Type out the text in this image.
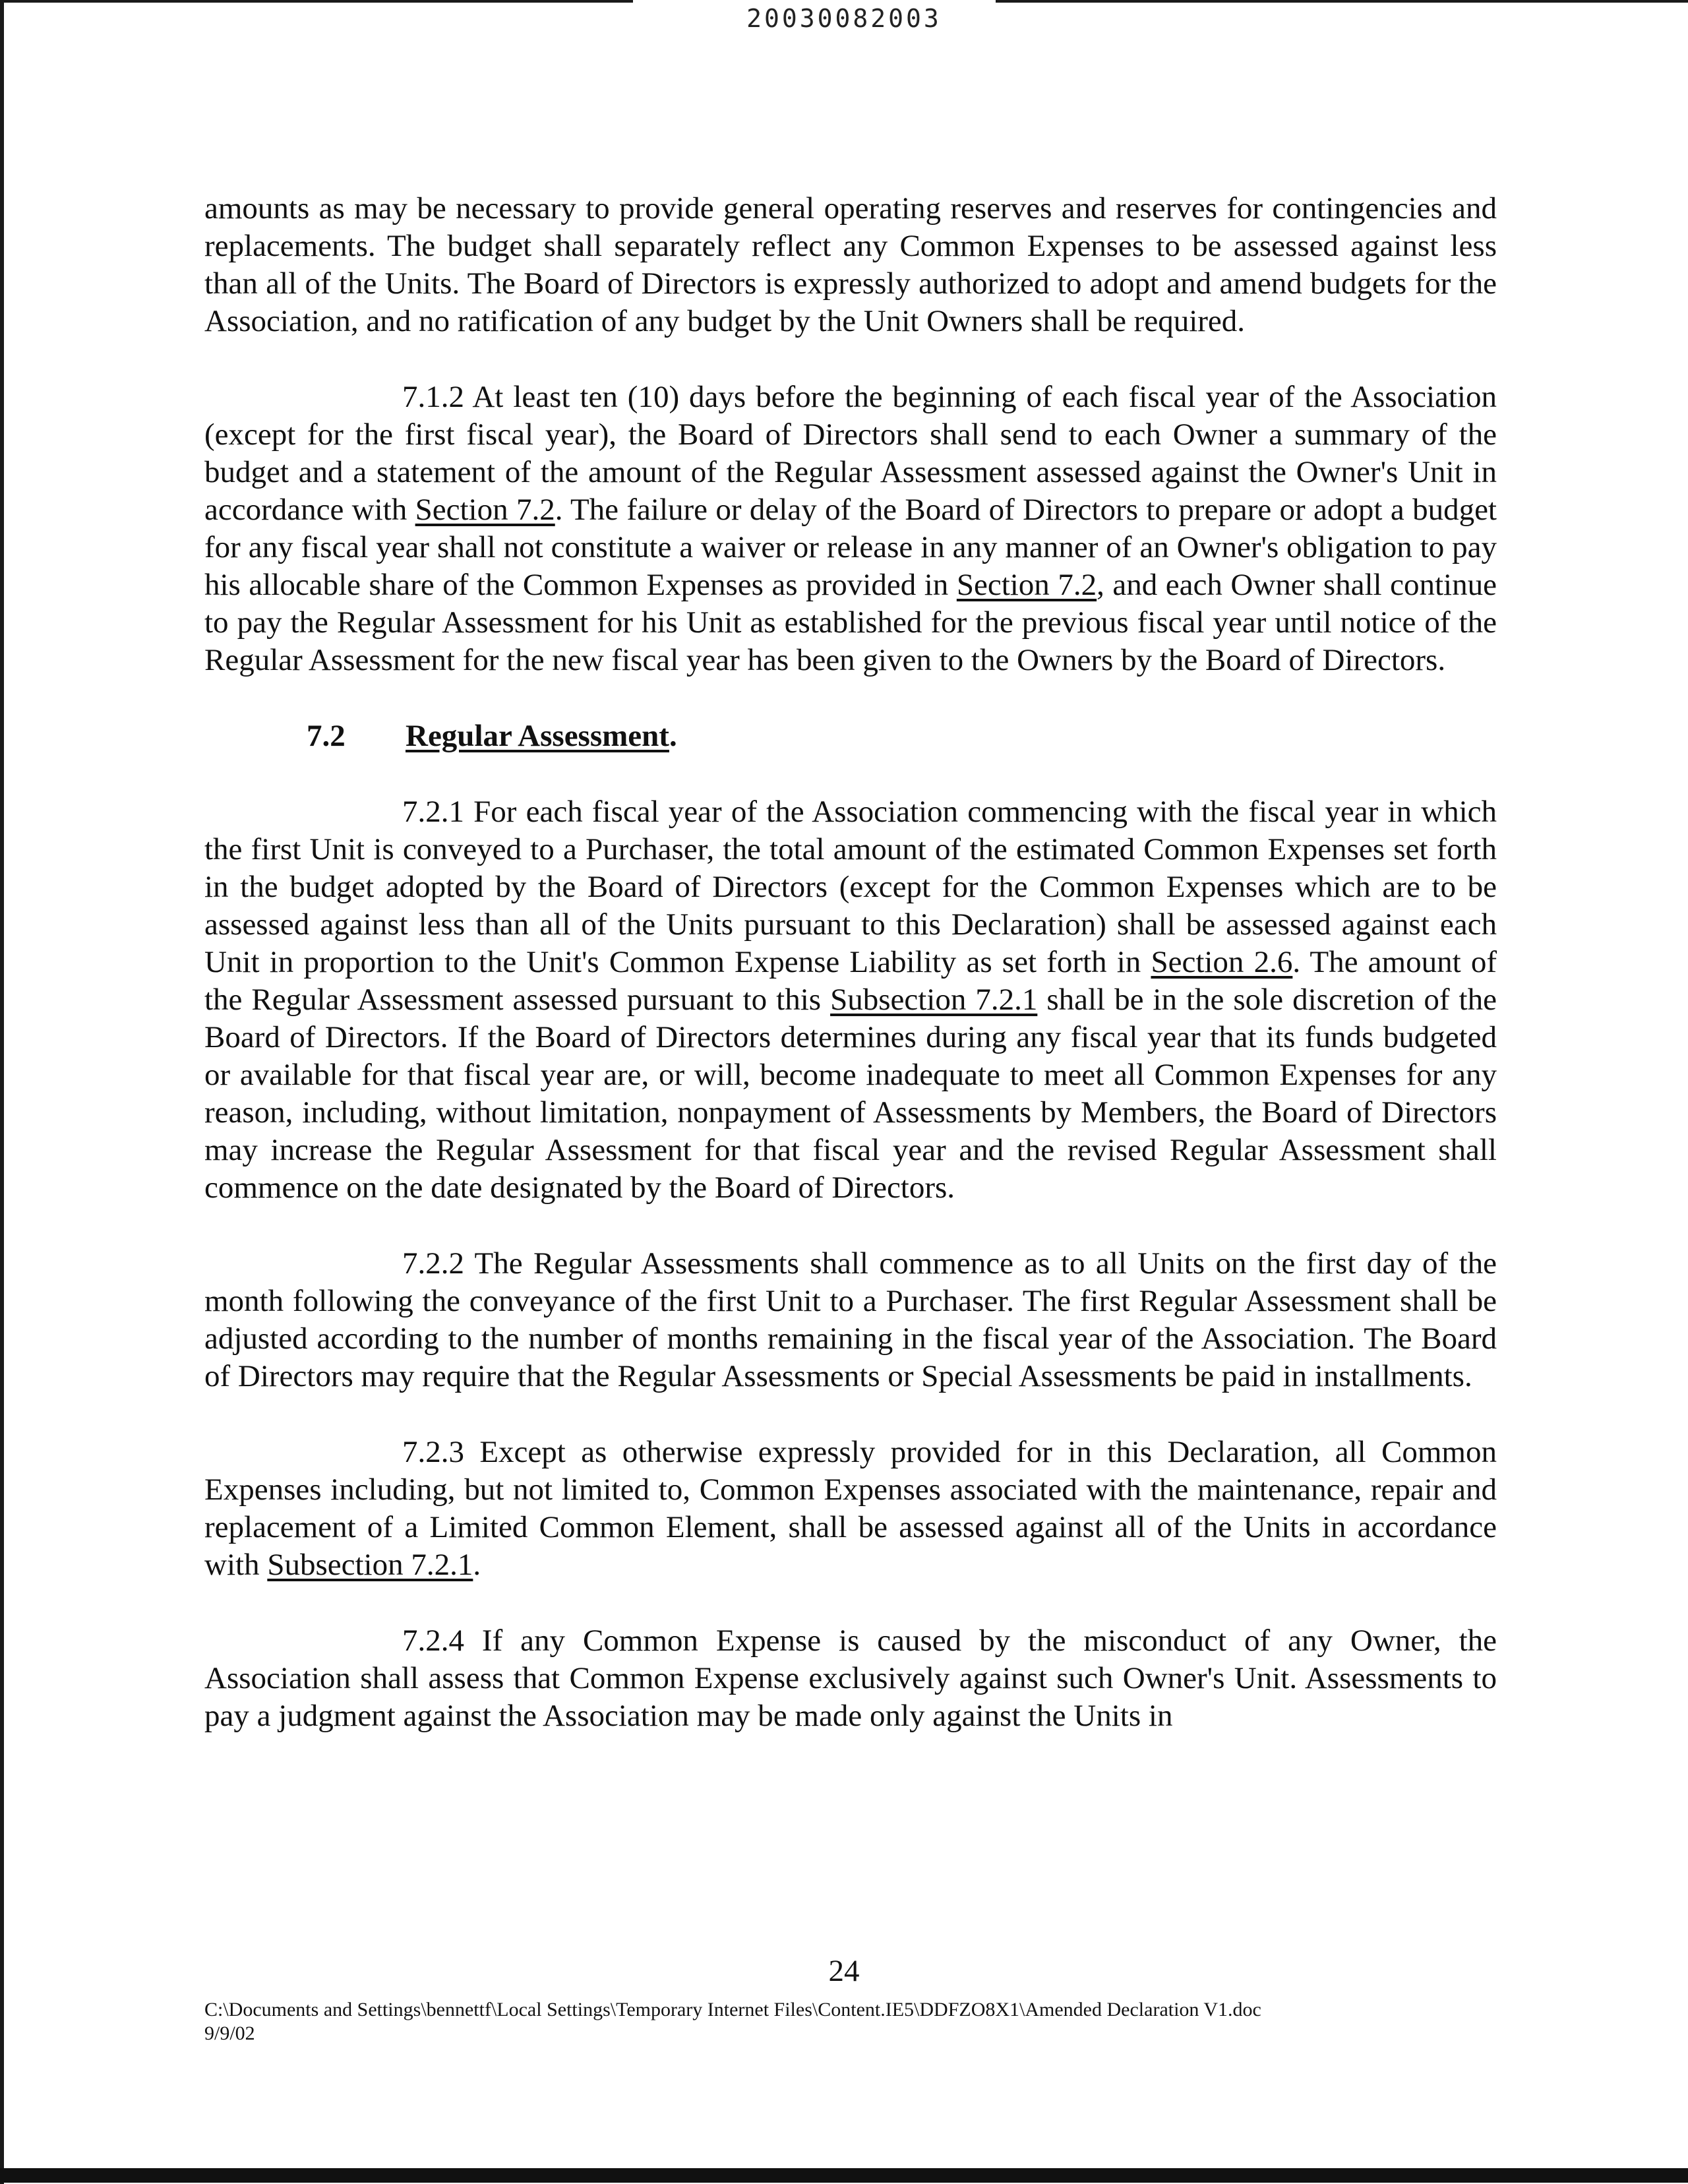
20030082003

amounts as may be necessary to provide general operating reserves and reserves for contingencies and replacements. The budget shall separately reflect any Common Expenses to be assessed against less than all of the Units. The Board of Directors is expressly authorized to adopt and amend budgets for the Association, and no ratification of any budget by the Unit Owners shall be required.

7.1.2 At least ten (10) days before the beginning of each fiscal year of the Association (except for the first fiscal year), the Board of Directors shall send to each Owner a summary of the budget and a statement of the amount of the Regular Assessment assessed against the Owner's Unit in accordance with Section 7.2. The failure or delay of the Board of Directors to prepare or adopt a budget for any fiscal year shall not constitute a waiver or release in any manner of an Owner's obligation to pay his allocable share of the Common Expenses as provided in Section 7.2, and each Owner shall continue to pay the Regular Assessment for his Unit as established for the previous fiscal year until notice of the Regular Assessment for the new fiscal year has been given to the Owners by the Board of Directors.

7.2 Regular Assessment.

7.2.1 For each fiscal year of the Association commencing with the fiscal year in which the first Unit is conveyed to a Purchaser, the total amount of the estimated Common Expenses set forth in the budget adopted by the Board of Directors (except for the Common Expenses which are to be assessed against less than all of the Units pursuant to this Declaration) shall be assessed against each Unit in proportion to the Unit's Common Expense Liability as set forth in Section 2.6. The amount of the Regular Assessment assessed pursuant to this Subsection 7.2.1 shall be in the sole discretion of the Board of Directors. If the Board of Directors determines during any fiscal year that its funds budgeted or available for that fiscal year are, or will, become inadequate to meet all Common Expenses for any reason, including, without limitation, nonpayment of Assessments by Members, the Board of Directors may increase the Regular Assessment for that fiscal year and the revised Regular Assessment shall commence on the date designated by the Board of Directors.

7.2.2 The Regular Assessments shall commence as to all Units on the first day of the month following the conveyance of the first Unit to a Purchaser. The first Regular Assessment shall be adjusted according to the number of months remaining in the fiscal year of the Association. The Board of Directors may require that the Regular Assessments or Special Assessments be paid in installments.

7.2.3 Except as otherwise expressly provided for in this Declaration, all Common Expenses including, but not limited to, Common Expenses associated with the maintenance, repair and replacement of a Limited Common Element, shall be assessed against all of the Units in accordance with Subsection 7.2.1.

7.2.4 If any Common Expense is caused by the misconduct of any Owner, the Association shall assess that Common Expense exclusively against such Owner's Unit. Assessments to pay a judgment against the Association may be made only against the Units in

24
C:\Documents and Settings\bennettf\Local Settings\Temporary Internet Files\Content.IE5\DDFZO8X1\Amended Declaration V1.doc
9/9/02
